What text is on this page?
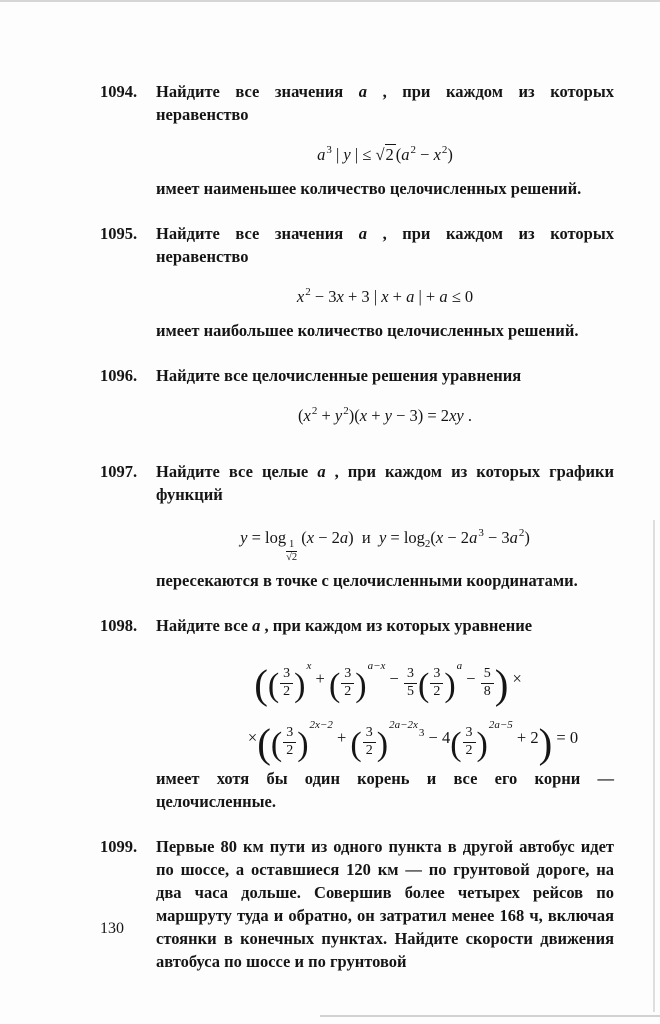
1094.	Найдите все значения a , при каждом из которых неравенство

$a^3$ | y | ≤ √2 $(a^2 - x^2)$

имеет наименьшее количество целочисленных решений.

1095.	Найдите все значения a , при каждом из которых неравенство

$x^2 - 3x + 3$ | x + a | + a ≤ 0

имеет наибольшее количество целочисленных решений.

1096.	Найдите все целочисленные решения уравнения

$(x^2 + y^2)(x + y - 3) = 2xy$ .
1097.	Найдите все целые a , при каждом из которых графики функций

y = log
$\frac{1}{√2}$
(x − 2a)  и  $y = \log_2(x - 2a^3 - 3a^2)$

пересекаются в точке с целочисленными координатами.

1098.	Найдите все a , при каждом из которых уравнение

(( $\frac{3}{2} )^x$ + ( $\frac{3}{2} )^{a-x} - \frac{3}{5}$ ( $\frac{3}{2} )^a - \frac{5}{8}$ ) ×
×(( $\frac{3}{2} )^{2x-2}$ + ( $\frac{3}{2} )^{2a-2x3} - 4( \frac{3}{2} )^{2a-5} + 2) = 0$

имеет хотя бы один корень и все его корни — целочисленные.

1099.	Первые 80 км пути из одного пункта в другой автобус идет по шоссе, а оставшиеся 120 км — по грунтовой дороге, на два часа дольше. Совершив более четырех рейсов по маршруту туда и обратно, он затратил менее 168 ч, включая стоянки в конечных пунктах. Найдите скорости движения автобуса по шоссе и по грунтовой

130
